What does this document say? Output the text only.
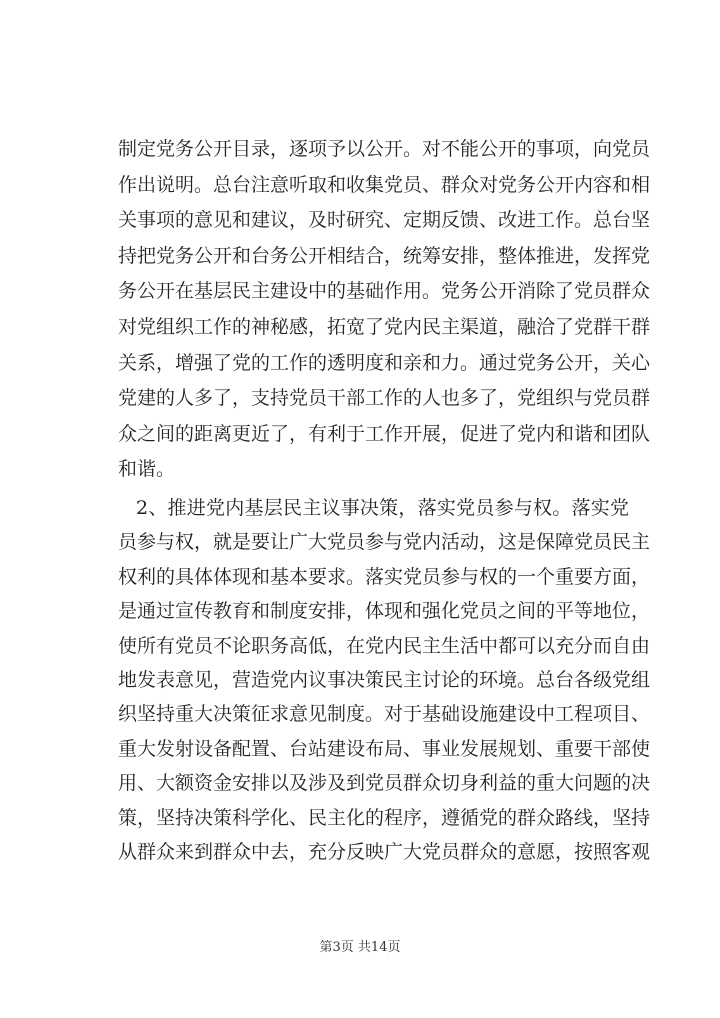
制定党务公开目录，逐项予以公开。对不能公开的事项，向党员
作出说明。总台注意听取和收集党员、群众对党务公开内容和相
关事项的意见和建议，及时研究、定期反馈、改进工作。总台坚
持把党务公开和台务公开相结合，统筹安排，整体推进，发挥党
务公开在基层民主建设中的基础作用。党务公开消除了党员群众
对党组织工作的神秘感，拓宽了党内民主渠道，融洽了党群干群
关系，增强了党的工作的透明度和亲和力。通过党务公开，关心
党建的人多了，支持党员干部工作的人也多了，党组织与党员群
众之间的距离更近了，有利于工作开展，促进了党内和谐和团队
和谐。
2、推进党内基层民主议事决策，落实党员参与权。落实党
员参与权，就是要让广大党员参与党内活动，这是保障党员民主
权利的具体体现和基本要求。落实党员参与权的一个重要方面，
是通过宣传教育和制度安排，体现和强化党员之间的平等地位，
使所有党员不论职务高低，在党内民主生活中都可以充分而自由
地发表意见，营造党内议事决策民主讨论的环境。总台各级党组
织坚持重大决策征求意见制度。对于基础设施建设中工程项目、
重大发射设备配置、台站建设布局、事业发展规划、重要干部使
用、大额资金安排以及涉及到党员群众切身利益的重大问题的决
策，坚持决策科学化、民主化的程序，遵循党的群众路线，坚持
从群众来到群众中去，充分反映广大党员群众的意愿，按照客观
第3页 共14页
